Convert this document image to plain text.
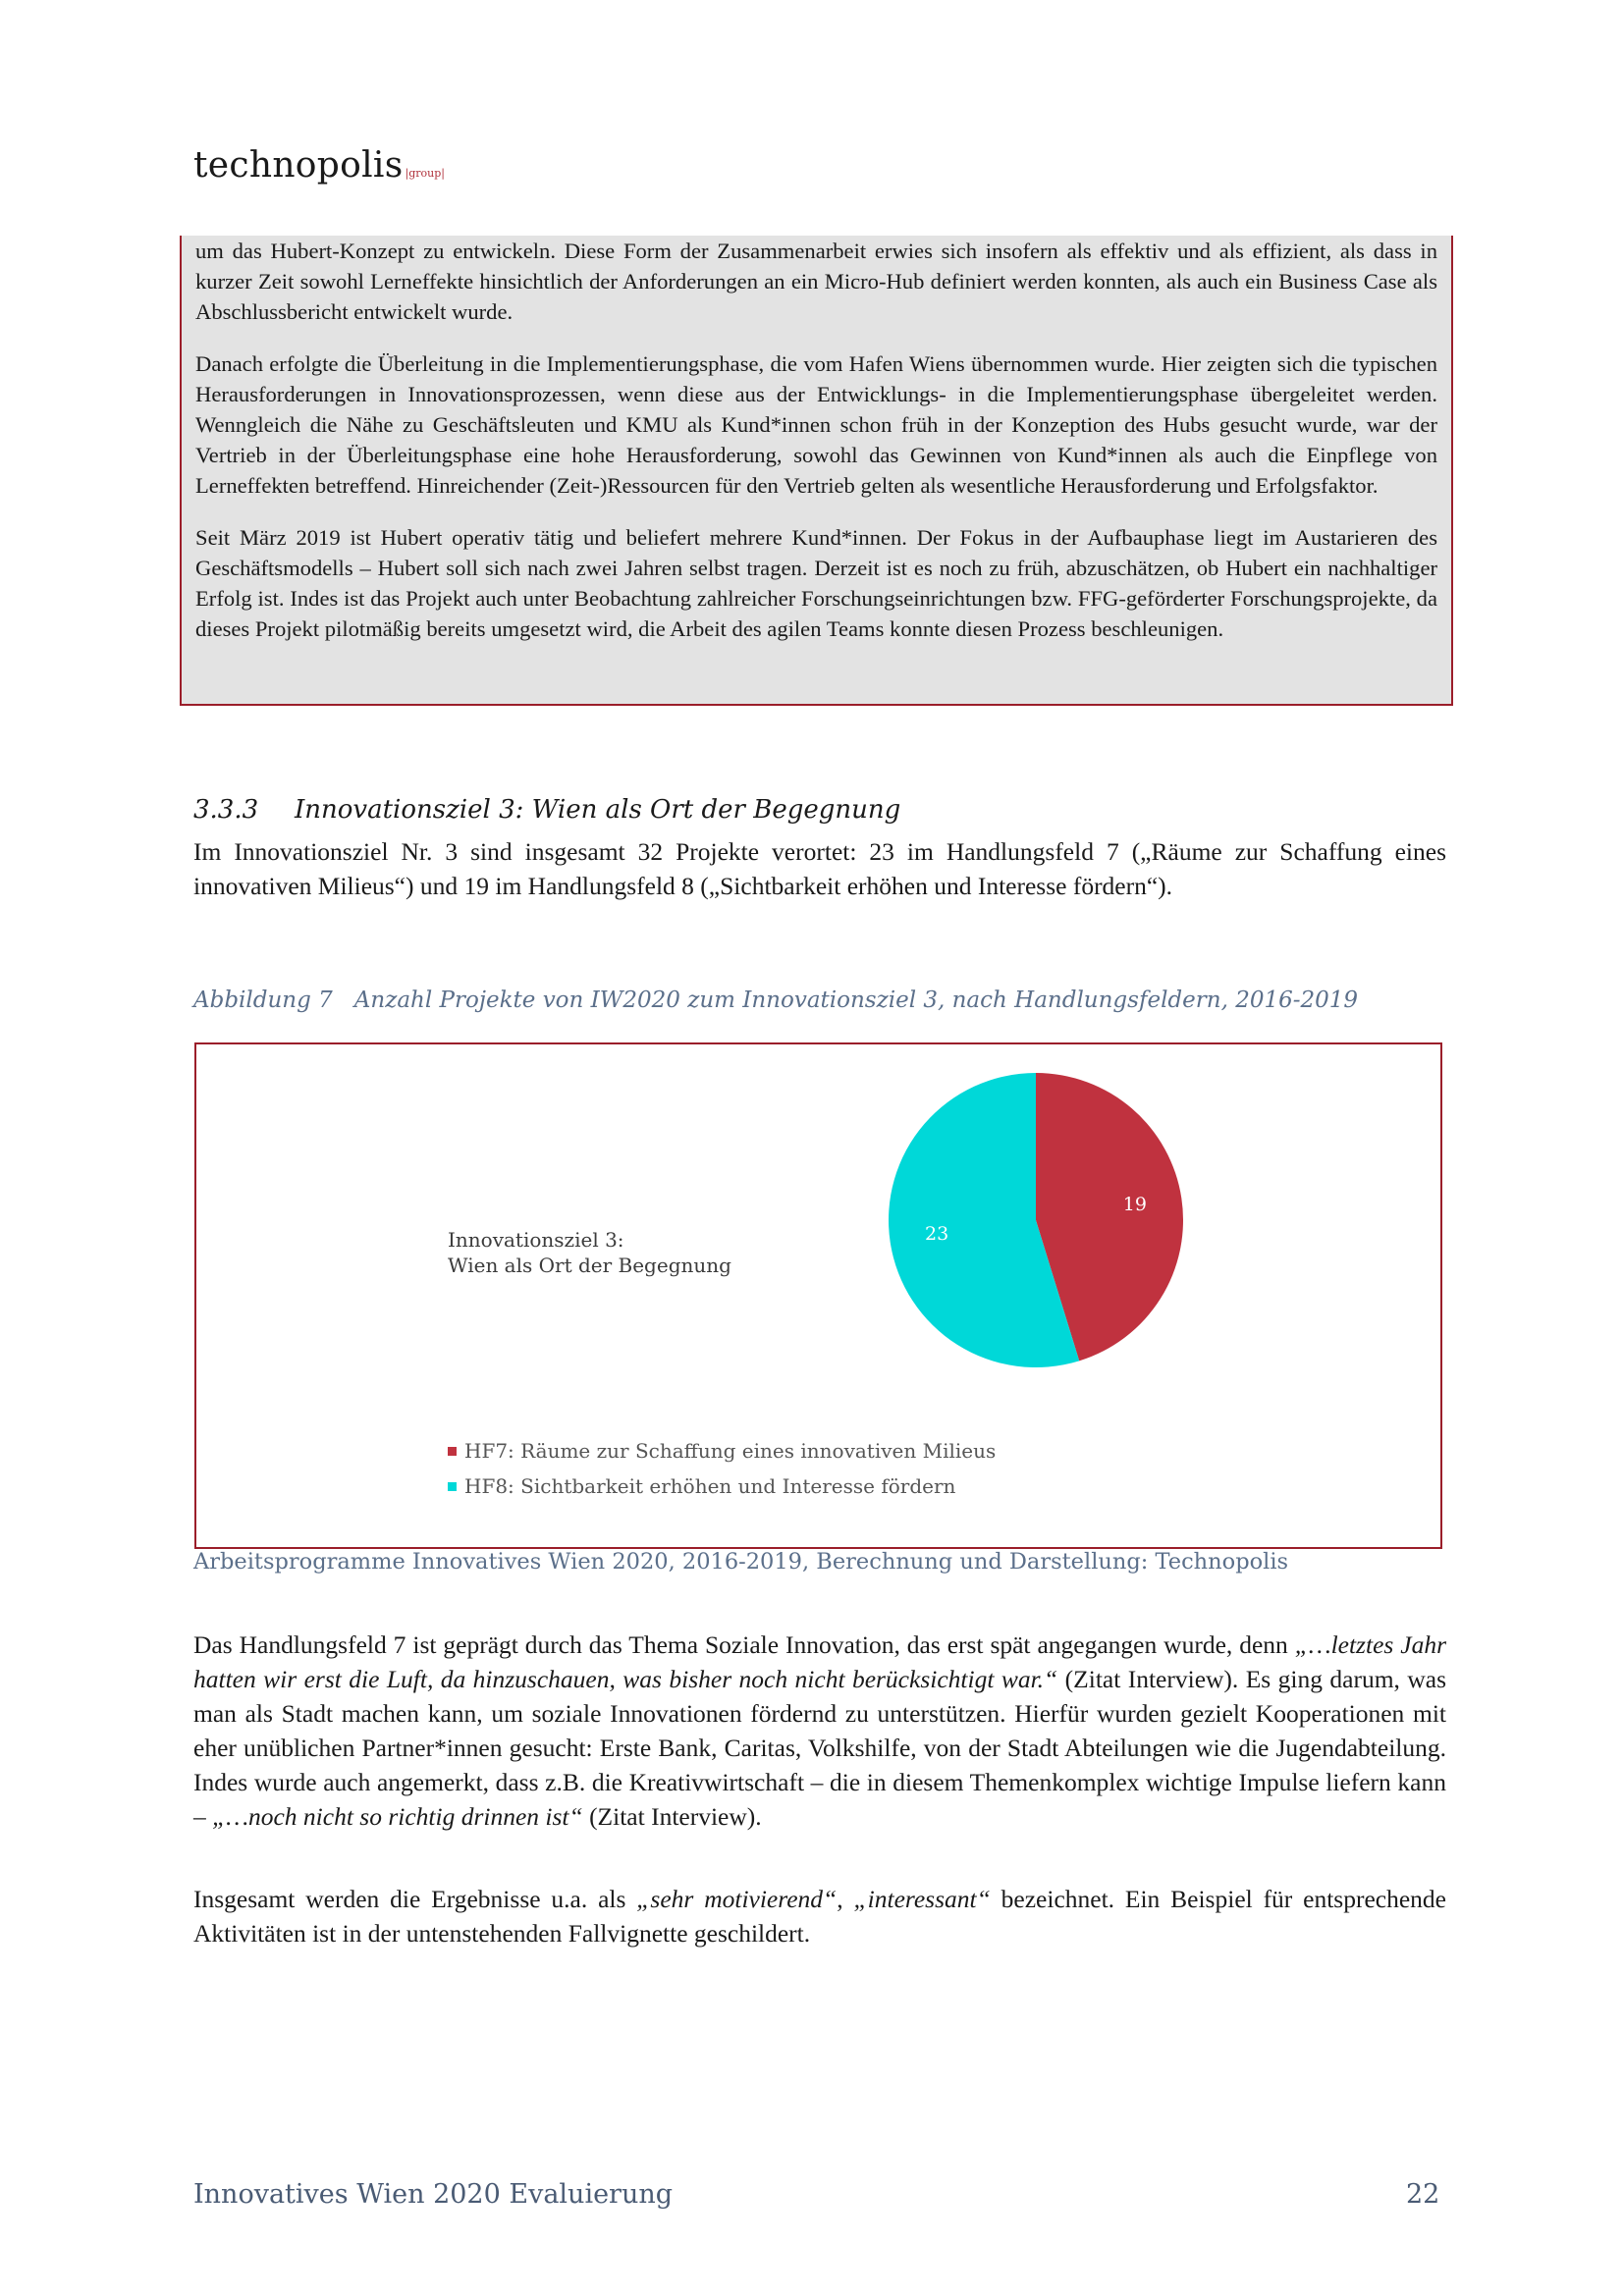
technopolis |group|

um das Hubert-Konzept zu entwickeln. Diese Form der Zusammenarbeit erwies sich insofern als effektiv und als effizient, als dass in kurzer Zeit sowohl Lerneffekte hinsichtlich der Anforderungen an ein Micro-Hub definiert werden konnten, als auch ein Business Case als Abschlussbericht entwickelt wurde.

Danach erfolgte die Überleitung in die Implementierungsphase, die vom Hafen Wiens übernommen wurde. Hier zeigten sich die typischen Herausforderungen in Innovationsprozessen, wenn diese aus der Entwicklungs- in die Implementierungsphase übergeleitet werden. Wenngleich die Nähe zu Geschäftsleuten und KMU als Kund*innen schon früh in der Konzeption des Hubs gesucht wurde, war der Vertrieb in der Überleitungsphase eine hohe Herausforderung, sowohl das Gewinnen von Kund*innen als auch die Einpflege von Lerneffekten betreffend. Hinreichender (Zeit-)Ressourcen für den Vertrieb gelten als wesentliche Herausforderung und Erfolgsfaktor.

Seit März 2019 ist Hubert operativ tätig und beliefert mehrere Kund*innen. Der Fokus in der Aufbauphase liegt im Austarieren des Geschäftsmodells – Hubert soll sich nach zwei Jahren selbst tragen. Derzeit ist es noch zu früh, abzuschätzen, ob Hubert ein nachhaltiger Erfolg ist. Indes ist das Projekt auch unter Beobachtung zahlreicher Forschungseinrichtungen bzw. FFG-geförderter Forschungsprojekte, da dieses Projekt pilotmäßig bereits umgesetzt wird, die Arbeit des agilen Teams konnte diesen Prozess beschleunigen.

3.3.3 Innovationsziel 3: Wien als Ort der Begegnung

Im Innovationsziel Nr. 3 sind insgesamt 32 Projekte verortet: 23 im Handlungsfeld 7 („Räume zur Schaffung eines innovativen Milieus“) und 19 im Handlungsfeld 8 („Sichtbarkeit erhöhen und Interesse fördern“).

Abbildung 7 Anzahl Projekte von IW2020 zum Innovationsziel 3, nach Handlungsfeldern, 2016-2019
Innovationsziel 3:
Wien als Ort der Begegnung
19
23
HF7: Räume zur Schaffung eines innovativen Milieus
HF8: Sichtbarkeit erhöhen und Interesse fördern
Arbeitsprogramme Innovatives Wien 2020, 2016-2019, Berechnung und Darstellung: Technopolis

Das Handlungsfeld 7 ist geprägt durch das Thema Soziale Innovation, das erst spät angegangen wurde, denn „…letztes Jahr hatten wir erst die Luft, da hinzuschauen, was bisher noch nicht berücksichtigt war.“ (Zitat Interview). Es ging darum, was man als Stadt machen kann, um soziale Innovationen fördernd zu unterstützen. Hierfür wurden gezielt Kooperationen mit eher unüblichen Partner*innen gesucht: Erste Bank, Caritas, Volkshilfe, von der Stadt Abteilungen wie die Jugendabteilung. Indes wurde auch angemerkt, dass z.B. die Kreativwirtschaft – die in diesem Themenkomplex wichtige Impulse liefern kann – „…noch nicht so richtig drinnen ist“ (Zitat Interview).

Insgesamt werden die Ergebnisse u.a. als „sehr motivierend“, „interessant“ bezeichnet. Ein Beispiel für entsprechende Aktivitäten ist in der untenstehenden Fallvignette geschildert.

Innovatives Wien 2020 Evaluierung	22
